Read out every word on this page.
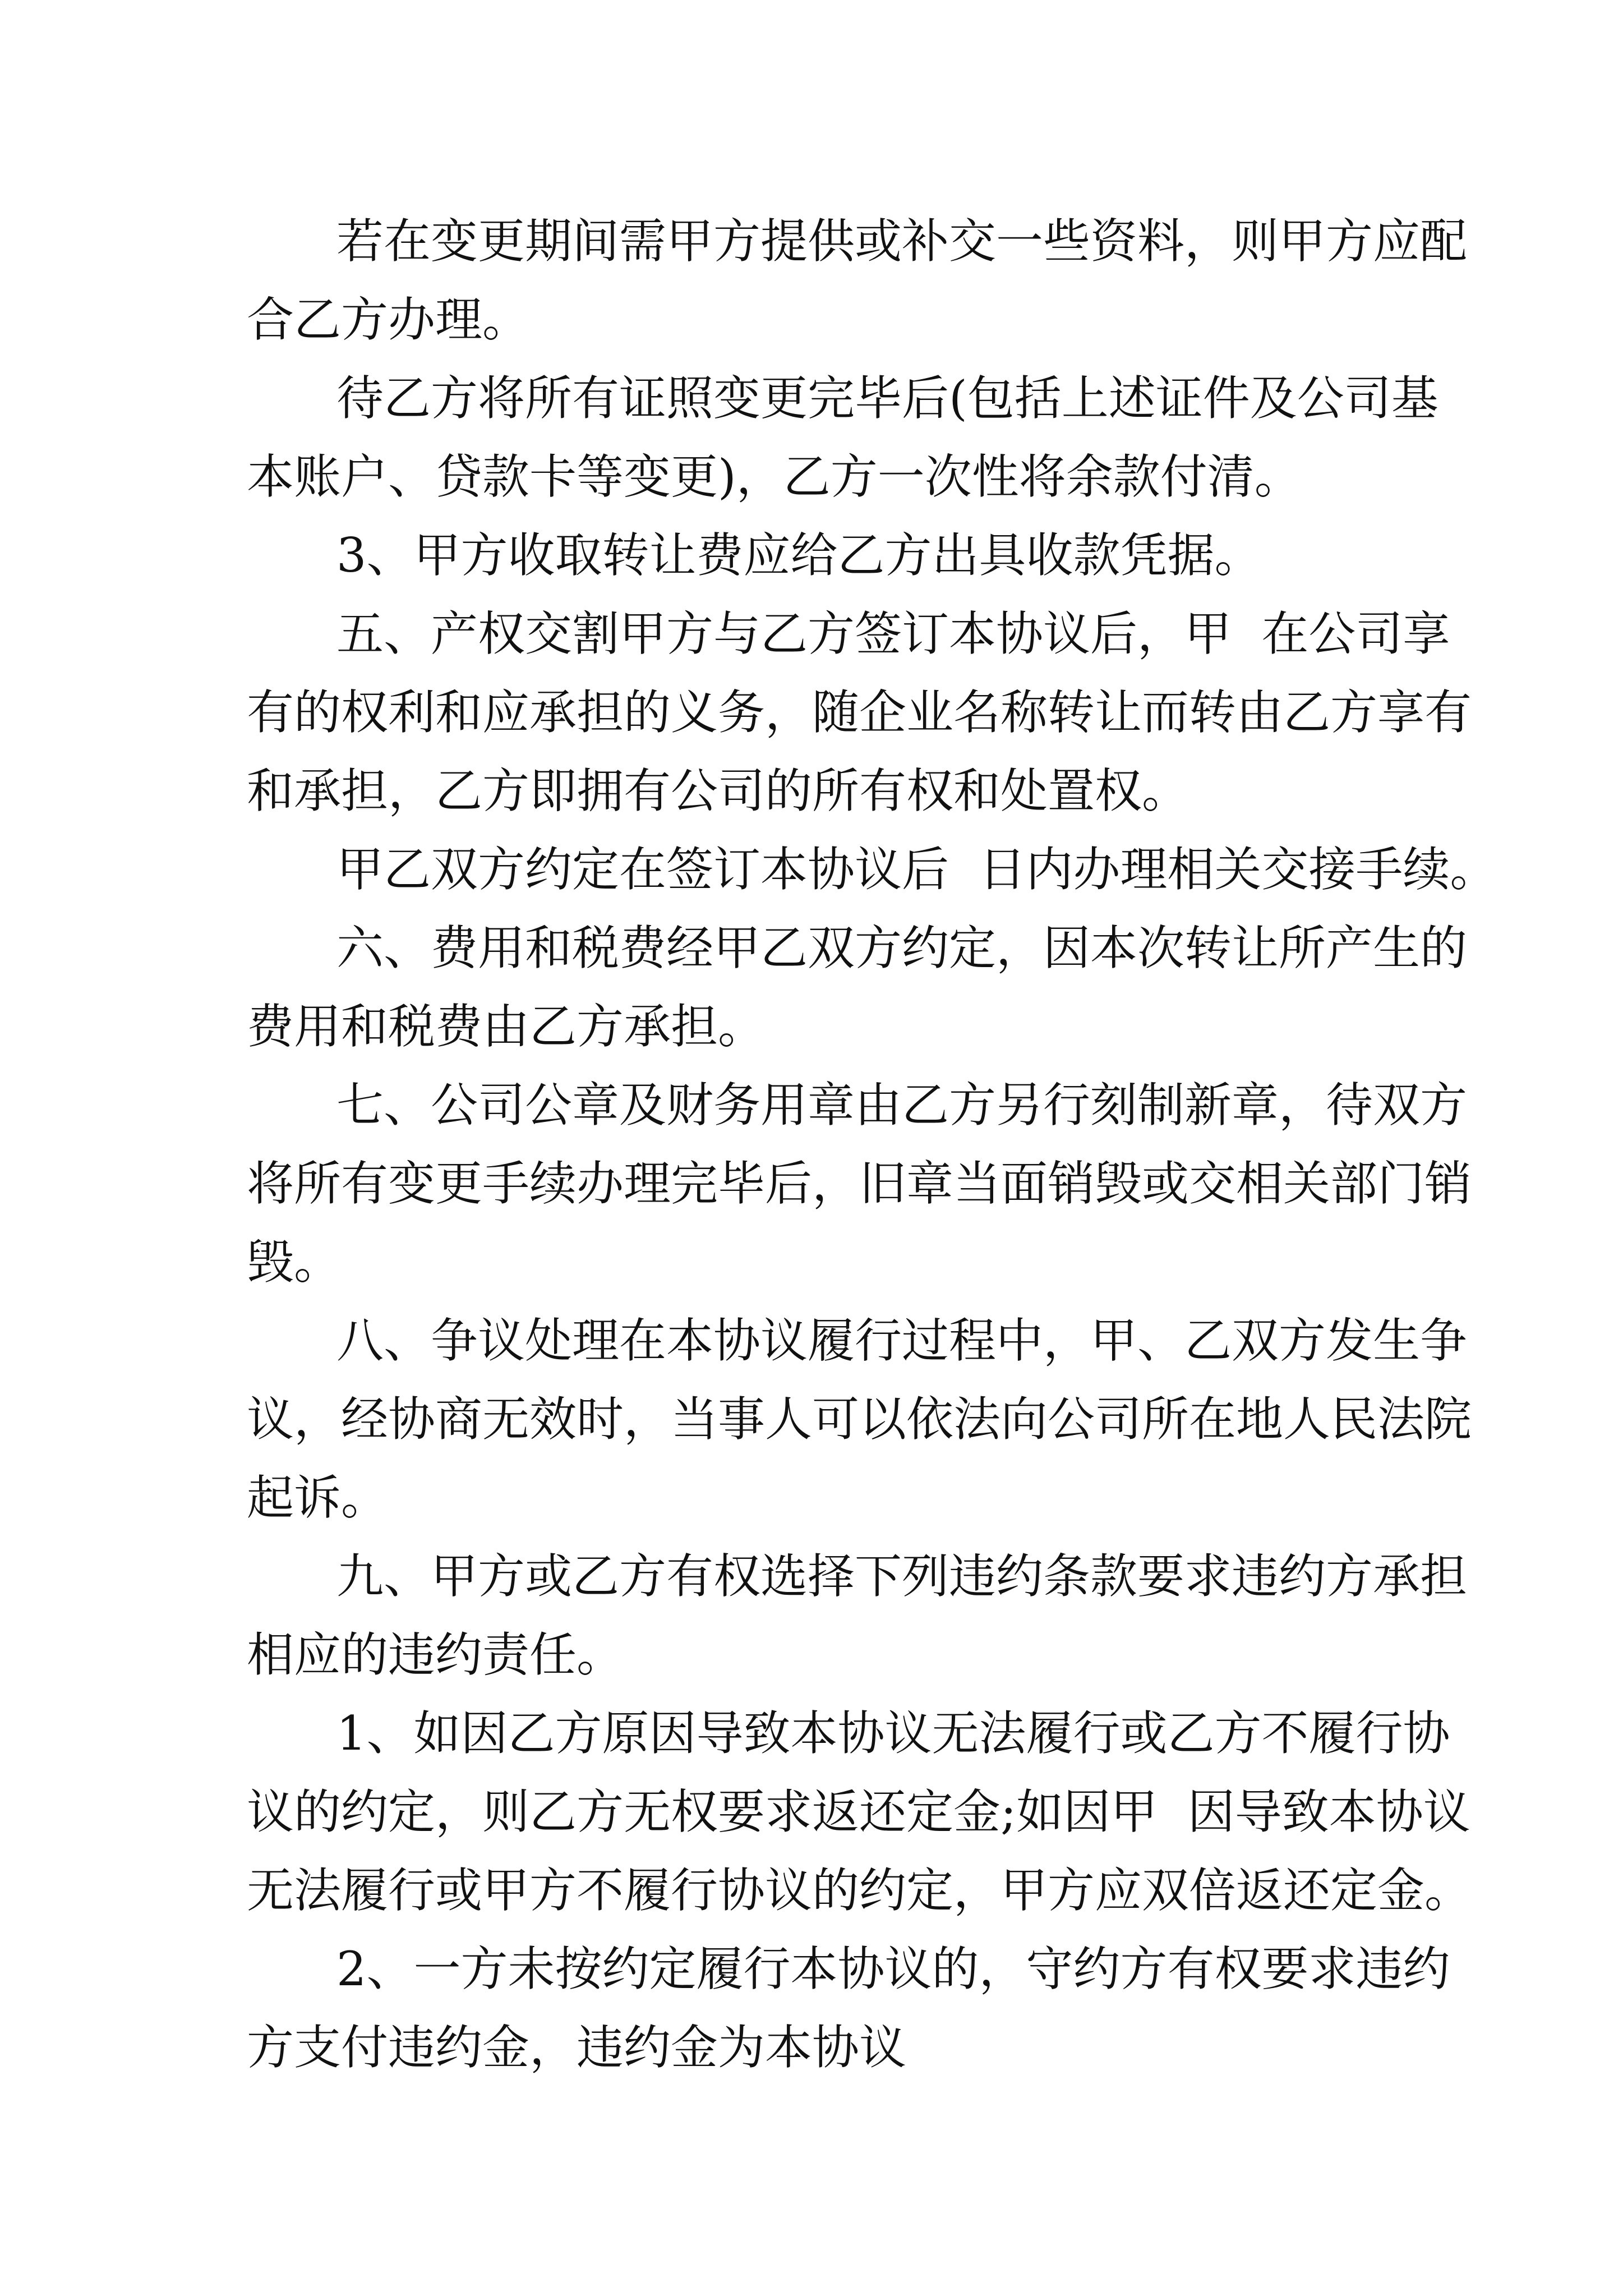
若在变更期间需甲方提供或补交一些资料，则甲方应配
合乙方办理。
待乙方将所有证照变更完毕后(包括上述证件及公司基
本账户、贷款卡等变更)，乙方一次性将余款付清。
3、甲方收取转让费应给乙方出具收款凭据。
五、产权交割甲方与乙方签订本协议后，甲  在公司享
有的权利和应承担的义务，随企业名称转让而转由乙方享有
和承担，乙方即拥有公司的所有权和处置权。
甲乙双方约定在签订本协议后  日内办理相关交接手续。
六、费用和税费经甲乙双方约定，因本次转让所产生的
费用和税费由乙方承担。
七、公司公章及财务用章由乙方另行刻制新章，待双方
将所有变更手续办理完毕后，旧章当面销毁或交相关部门销
毁。
八、争议处理在本协议履行过程中，甲、乙双方发生争
议，经协商无效时，当事人可以依法向公司所在地人民法院
起诉。
九、甲方或乙方有权选择下列违约条款要求违约方承担
相应的违约责任。
1、如因乙方原因导致本协议无法履行或乙方不履行协
议的约定，则乙方无权要求返还定金;如因甲  因导致本协议
无法履行或甲方不履行协议的约定，甲方应双倍返还定金。
2、一方未按约定履行本协议的，守约方有权要求违约
方支付违约金，违约金为本协议
